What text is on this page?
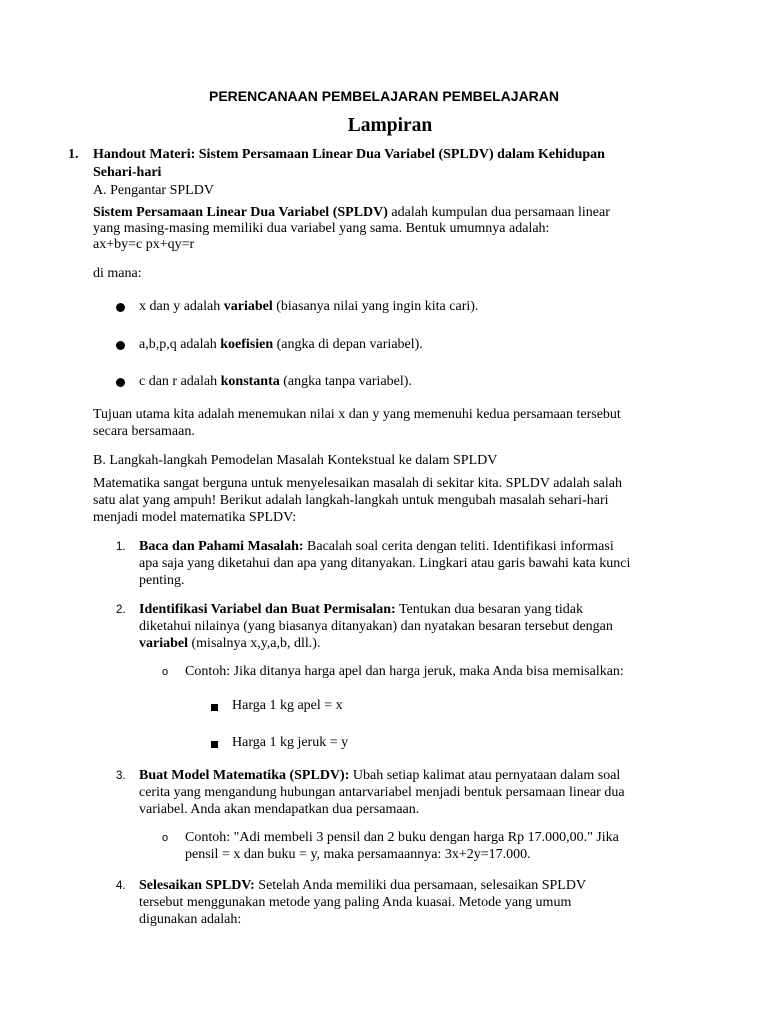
PERENCANAAN PEMBELAJARAN PEMBELAJARAN
Lampiran
1. Handout Materi: Sistem Persamaan Linear Dua Variabel (SPLDV) dalam Kehidupan
Sehari-hari
A. Pengantar SPLDV
Sistem Persamaan Linear Dua Variabel (SPLDV) adalah kumpulan dua persamaan linear
yang masing-masing memiliki dua variabel yang sama. Bentuk umumnya adalah:
ax+by=c px+qy=r
di mana:
x dan y adalah variabel (biasanya nilai yang ingin kita cari).
a,b,p,q adalah koefisien (angka di depan variabel).
c dan r adalah konstanta (angka tanpa variabel).
Tujuan utama kita adalah menemukan nilai x dan y yang memenuhi kedua persamaan tersebut
secara bersamaan.
B. Langkah-langkah Pemodelan Masalah Kontekstual ke dalam SPLDV
Matematika sangat berguna untuk menyelesaikan masalah di sekitar kita. SPLDV adalah salah
satu alat yang ampuh! Berikut adalah langkah-langkah untuk mengubah masalah sehari-hari
menjadi model matematika SPLDV:
1. Baca dan Pahami Masalah: Bacalah soal cerita dengan teliti. Identifikasi informasi
apa saja yang diketahui dan apa yang ditanyakan. Lingkari atau garis bawahi kata kunci
penting.
2. Identifikasi Variabel dan Buat Permisalan: Tentukan dua besaran yang tidak
diketahui nilainya (yang biasanya ditanyakan) dan nyatakan besaran tersebut dengan
variabel (misalnya x,y,a,b, dll.).
o Contoh: Jika ditanya harga apel dan harga jeruk, maka Anda bisa memisalkan:
Harga 1 kg apel = x
Harga 1 kg jeruk = y
3. Buat Model Matematika (SPLDV): Ubah setiap kalimat atau pernyataan dalam soal
cerita yang mengandung hubungan antarvariabel menjadi bentuk persamaan linear dua
variabel. Anda akan mendapatkan dua persamaan.
o Contoh: "Adi membeli 3 pensil dan 2 buku dengan harga Rp 17.000,00." Jika
pensil = x dan buku = y, maka persamaannya: 3x+2y=17.000.
4. Selesaikan SPLDV: Setelah Anda memiliki dua persamaan, selesaikan SPLDV
tersebut menggunakan metode yang paling Anda kuasai. Metode yang umum
digunakan adalah:
